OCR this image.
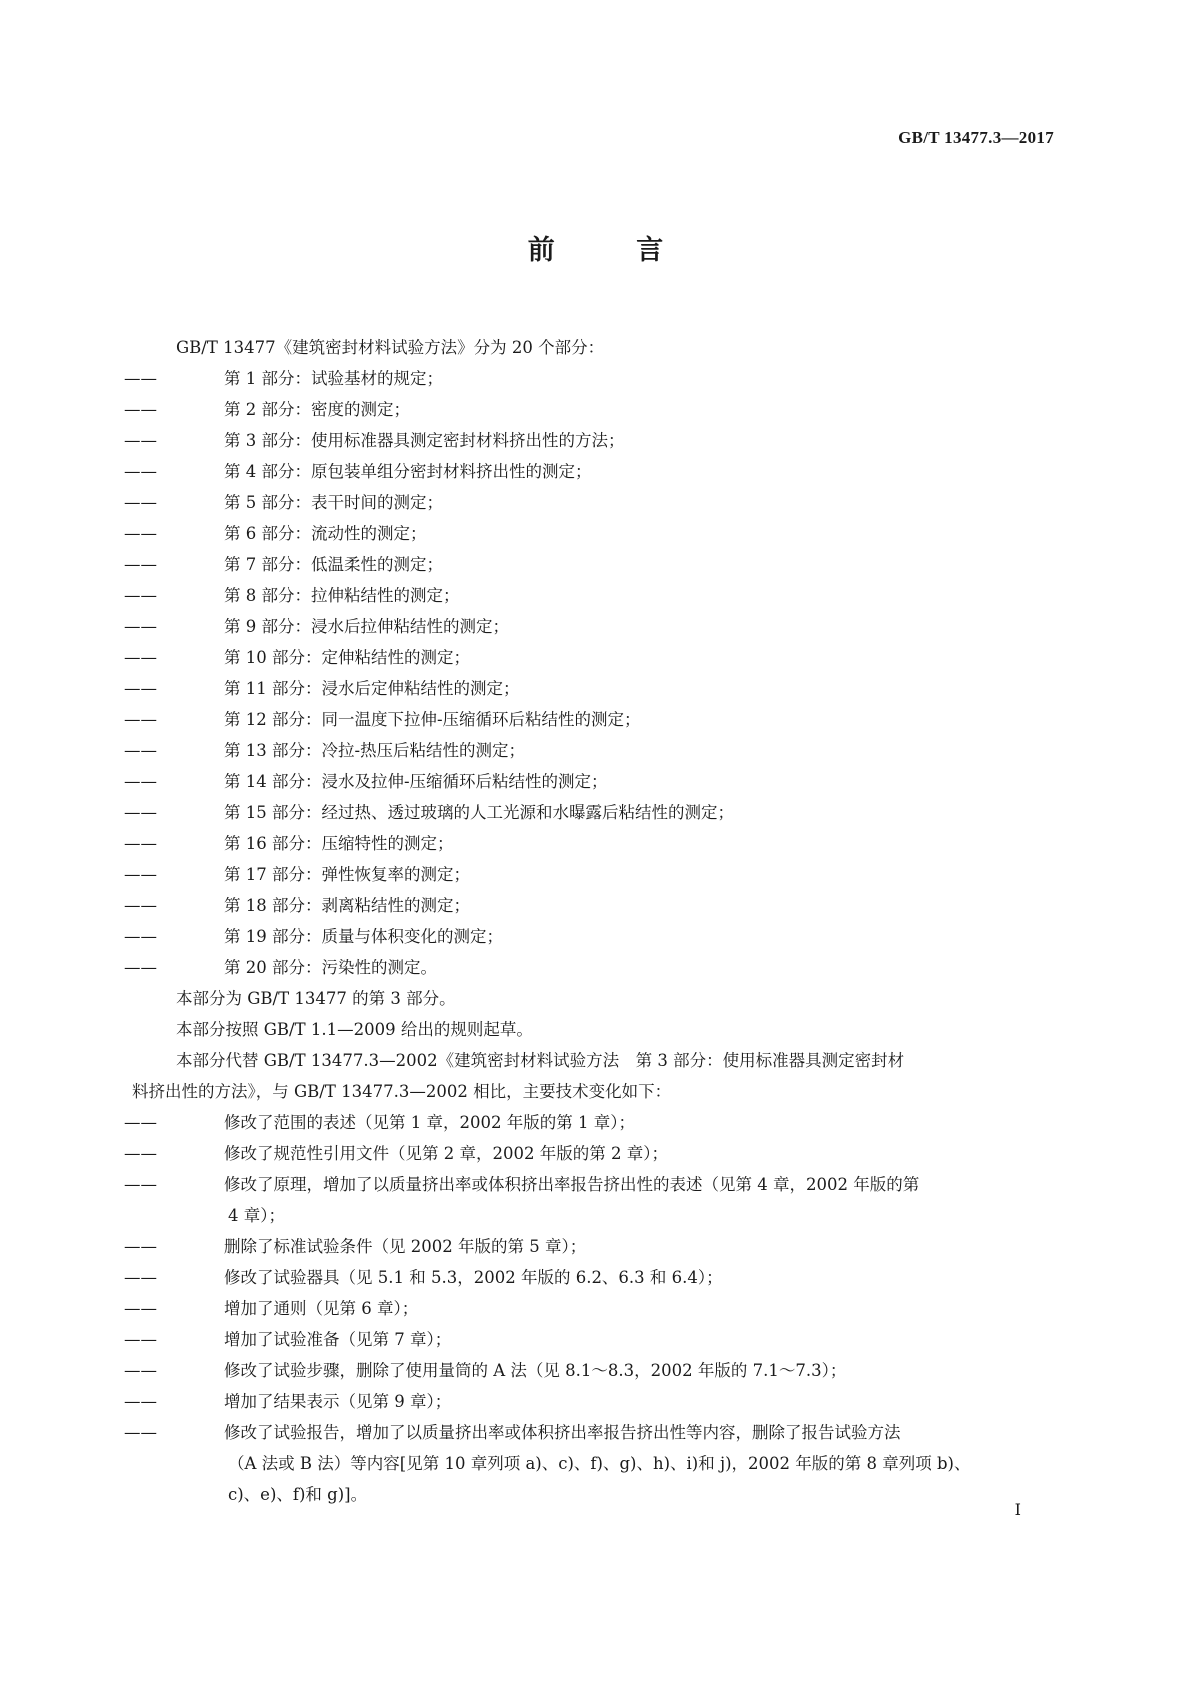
GB/T 13477.3—2017
前 言

GB/T 13477《建筑密封材料试验方法》分为 20 个部分：

——	第 1 部分：试验基材的规定；

——	第 2 部分：密度的测定；

——	第 3 部分：使用标准器具测定密封材料挤出性的方法；

——	第 4 部分：原包装单组分密封材料挤出性的测定；

——	第 5 部分：表干时间的测定；

——	第 6 部分：流动性的测定；

——	第 7 部分：低温柔性的测定；

——	第 8 部分：拉伸粘结性的测定；

——	第 9 部分：浸水后拉伸粘结性的测定；

——	第 10 部分：定伸粘结性的测定；

——	第 11 部分：浸水后定伸粘结性的测定；

——	第 12 部分：同一温度下拉伸-压缩循环后粘结性的测定；

——	第 13 部分：冷拉-热压后粘结性的测定；

——	第 14 部分：浸水及拉伸-压缩循环后粘结性的测定；

——	第 15 部分：经过热、透过玻璃的人工光源和水曝露后粘结性的测定；

——	第 16 部分：压缩特性的测定；

——	第 17 部分：弹性恢复率的测定；

——	第 18 部分：剥离粘结性的测定；

——	第 19 部分：质量与体积变化的测定；

——	第 20 部分：污染性的测定。

本部分为 GB/T 13477 的第 3 部分。

本部分按照 GB/T 1.1—2009 给出的规则起草。

本部分代替 GB/T 13477.3—2002《建筑密封材料试验方法　第 3 部分：使用标准器具测定密封材

料挤出性的方法》，与 GB/T 13477.3—2002 相比，主要技术变化如下：

——	修改了范围的表述（见第 1 章，2002 年版的第 1 章）；

——	修改了规范性引用文件（见第 2 章，2002 年版的第 2 章）；

——	修改了原理，增加了以质量挤出率或体积挤出率报告挤出性的表述（见第 4 章，2002 年版的第

4 章）；

——	删除了标准试验条件（见 2002 年版的第 5 章）；

——	修改了试验器具（见 5.1 和 5.3，2002 年版的 6.2、6.3 和 6.4）；

——	增加了通则（见第 6 章）；

——	增加了试验准备（见第 7 章）；

——	修改了试验步骤，删除了使用量筒的 A 法（见 8.1～8.3，2002 年版的 7.1～7.3）；

——	增加了结果表示（见第 9 章）；

——	修改了试验报告，增加了以质量挤出率或体积挤出率报告挤出性等内容，删除了报告试验方法

（A 法或 B 法）等内容[见第 10 章列项 a)、c)、f)、g)、h)、i)和 j)，2002 年版的第 8 章列项 b)、

c)、e)、f)和 g)]。

I
